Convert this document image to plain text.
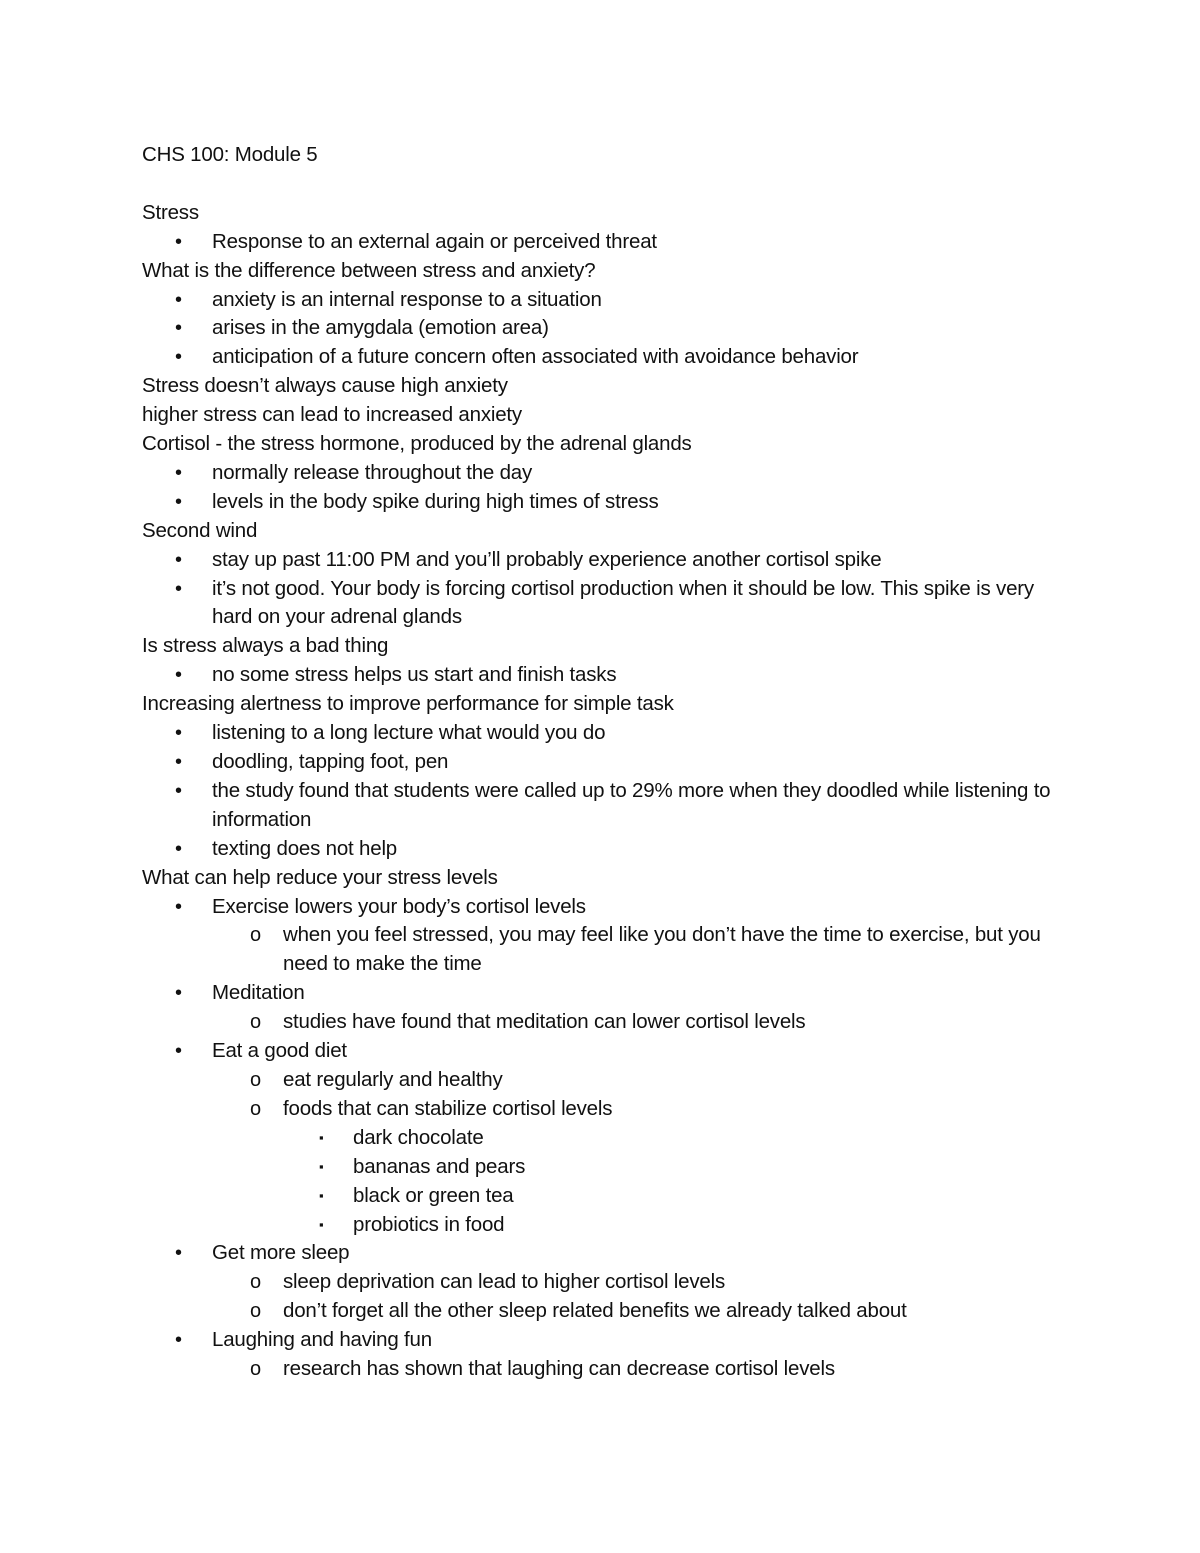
CHS 100: Module 5
Stress
• Response to an external again or perceived threat
What is the difference between stress and anxiety?
• anxiety is an internal response to a situation
• arises in the amygdala (emotion area)
• anticipation of a future concern often associated with avoidance behavior
Stress doesn’t always cause high anxiety
higher stress can lead to increased anxiety
Cortisol - the stress hormone, produced by the adrenal glands
• normally release throughout the day
• levels in the body spike during high times of stress
Second wind
• stay up past 11:00 PM and you’ll probably experience another cortisol spike
• it’s not good. Your body is forcing cortisol production when it should be low. This spike is very hard on your adrenal glands
Is stress always a bad thing
• no some stress helps us start and finish tasks
Increasing alertness to improve performance for simple task
• listening to a long lecture what would you do
• doodling, tapping foot, pen
• the study found that students were called up to 29% more when they doodled while listening to information
• texting does not help
What can help reduce your stress levels
• Exercise lowers your body’s cortisol levels
o when you feel stressed, you may feel like you don’t have the time to exercise, but you need to make the time
• Meditation
o studies have found that meditation can lower cortisol levels
• Eat a good diet
o eat regularly and healthy
o foods that can stabilize cortisol levels
▪ dark chocolate
▪ bananas and pears
▪ black or green tea
▪ probiotics in food
• Get more sleep
o sleep deprivation can lead to higher cortisol levels
o don’t forget all the other sleep related benefits we already talked about
• Laughing and having fun
o research has shown that laughing can decrease cortisol levels
